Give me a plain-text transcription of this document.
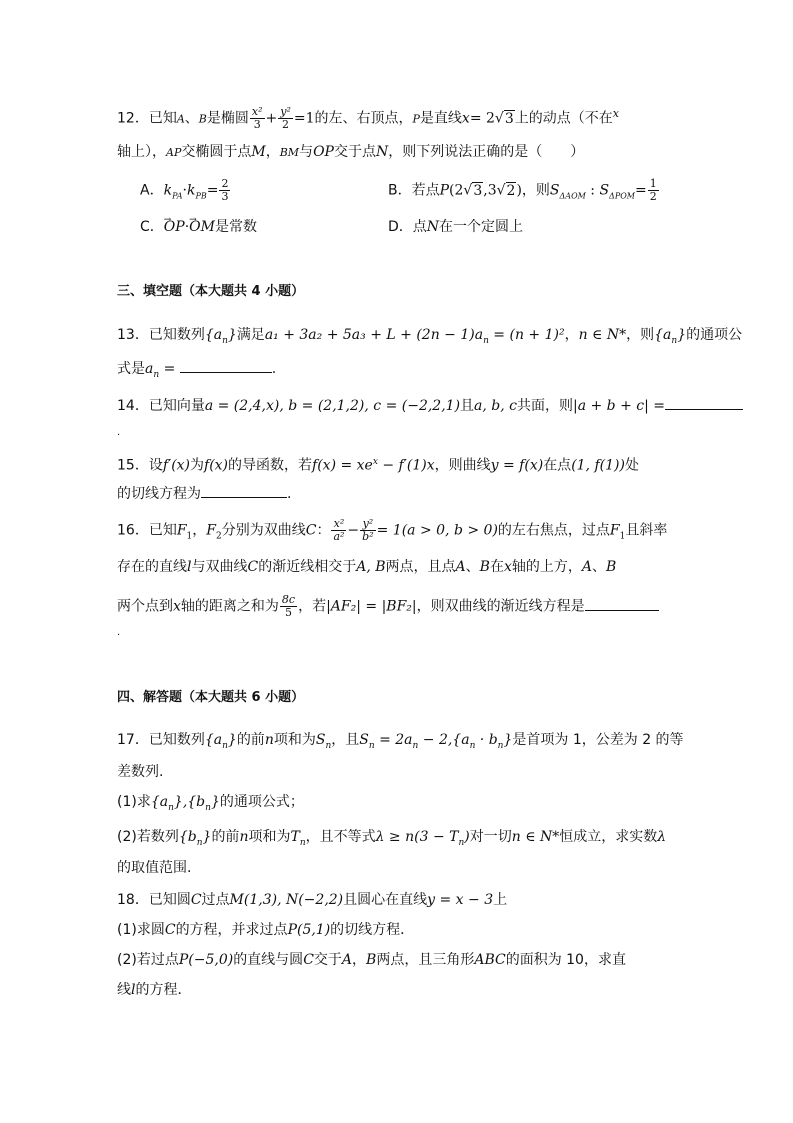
12．已知A、B是椭圆 $\frac{\text{x²}}{3} + \frac{\text{y²}}{2} =1$的左、右顶点，P是直线x= 2√3上的动点（不在$^x$
轴上），AP交椭圆于点M，BM与OP交于点N，则下列说法正确的是（　　）
A．$k_{PA}\cdot k_{PB}= \frac{2}{3}$	B．若点P(2√3,3√2)，则$S_{\Delta AOM}$ : $S_{\Delta POM}= \frac{1}{2}$
C．→ OP·→ OM是常数	D．点N在一个定圆上
三、填空题（本大题共 4 小题）
13．已知数列$\{a_n\}$满足$a_1 + 3a_2 + 5a_3 + L + (2n - 1)a_n = (n + 1)^2$，n ∈ N*，则$\{a_n\}$的通项公
式是$a_n$ =	.
14．已知向量a = (2,4,x), b = (2,1,2), c = (−2,2,1)且a, b, c共面，则|a + b + c| =
.
15．设f′(x)为f(x)的导函数，若$f(x) = xe^x - f'(1)x$，则曲线y = f(x)在点(1, f(1))处
的切线方程为	.
16．已知$F_1$，$F_2$分别为双曲线C： $\frac{\text{x²}}{\text{a²}} - \frac{\text{y²}}{\text{b²}} = 1(a > 0$, b > 0)的左右焦点，过点$F_1$且斜率
存在的直线l与双曲线C的渐近线相交于A, B两点，且点A、B在x轴的上方，A、B
两个点到x轴的距离之和为 $\frac{8c}{5}$ ，若|AF₂| = |BF₂|，则双曲线的渐近线方程是
.
四、解答题（本大题共 6 小题）
17．已知数列$\{a_n\}$的前n项和为$S_n$，且$S_n = 2a_n - 2,\{a_n \cdot b_n\}$是首项为 1，公差为 2 的等
差数列.
(1)求$\{a_n\},\{b_n\}$的通项公式；
(2)若数列$\{b_n\}$的前n项和为$T_n$，且不等式$\lambda \ge n(3 - T_n)$对一切n ∈ N*恒成立，求实数λ
的取值范围.
18．已知圆C过点M(1,3), N(−2,2)且圆心在直线y = x − 3上
(1)求圆C的方程，并求过点P(5,1)的切线方程．
(2)若过点P(−5,0)的直线与圆C交于A，B两点，且三角形ABC的面积为 10，求直
线l的方程．
